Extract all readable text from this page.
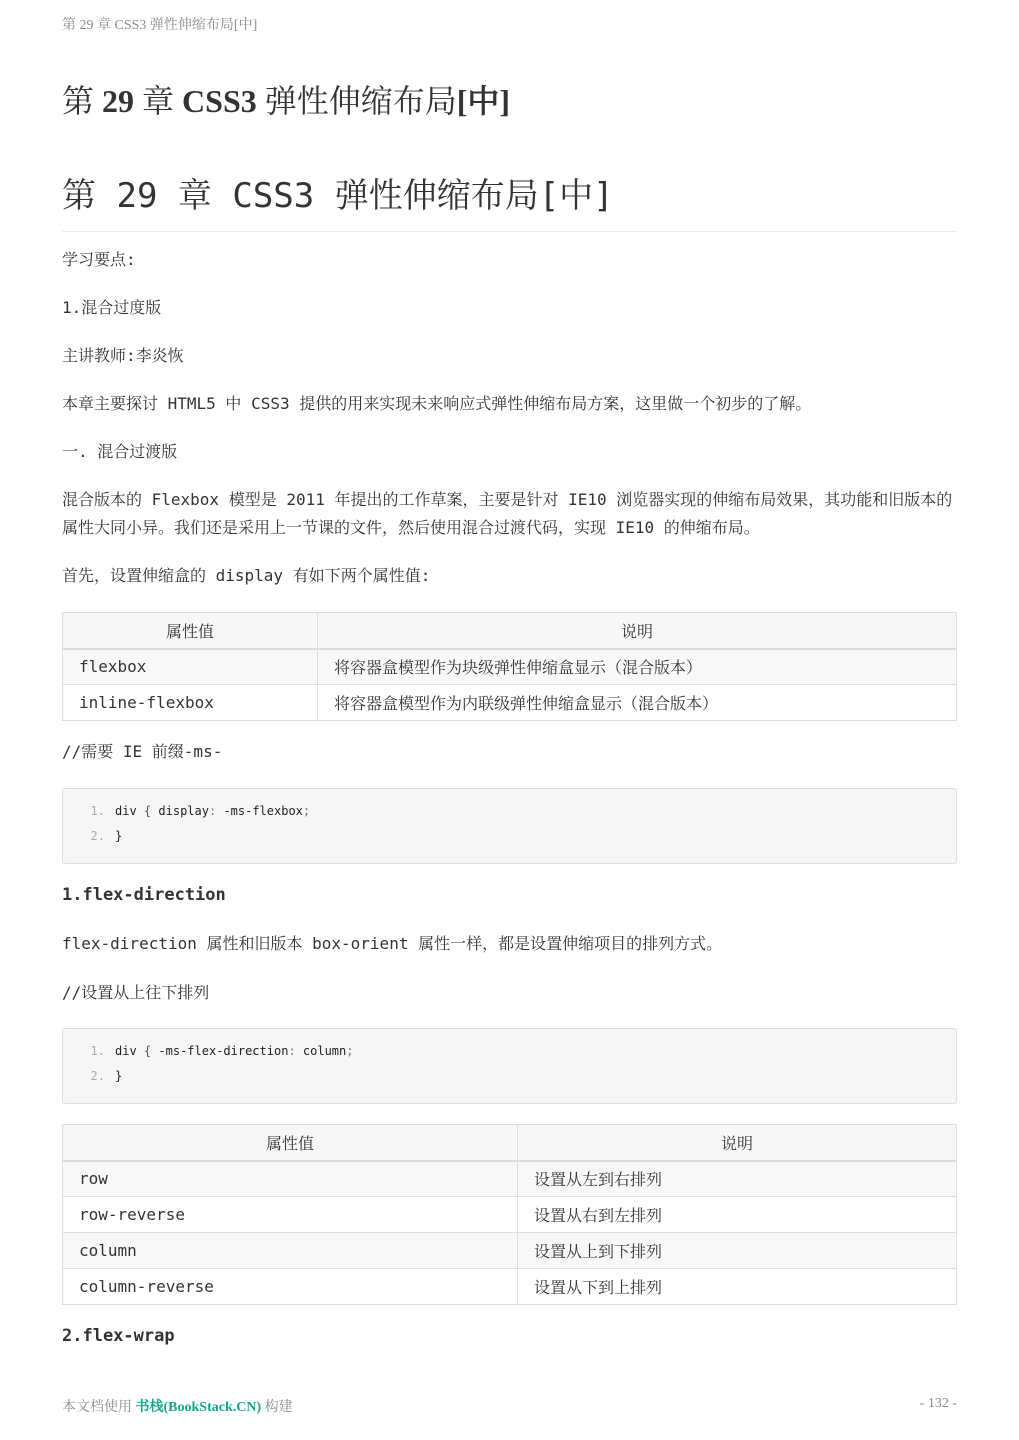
第 29 章 CSS3 弹性伸缩布局[中]
第 29 章 CSS3 弹性伸缩布局[中]
第 29 章 CSS3 弹性伸缩布局[中]
学习要点:
1.混合过度版
主讲教师:李炎恢
本章主要探讨 HTML5 中 CSS3 提供的用来实现未来响应式弹性伸缩布局方案，这里做一个初步的了解。
一. 混合过渡版
混合版本的 Flexbox 模型是 2011 年提出的工作草案，主要是针对 IE10 浏览器实现的伸缩布局效果，其功能和旧版本的属性大同小异。我们还是采用上一节课的文件，然后使用混合过渡代码，实现 IE10 的伸缩布局。
首先，设置伸缩盒的 display 有如下两个属性值:
属性值	说明
flexbox	将容器盒模型作为块级弹性伸缩盒显示（混合版本）
inline-flexbox	将容器盒模型作为内联级弹性伸缩盒显示（混合版本）
//需要 IE 前缀-ms-
1. div { display: -ms-flexbox;
2. }
1.flex-direction
flex-direction 属性和旧版本 box-orient 属性一样，都是设置伸缩项目的排列方式。
//设置从上往下排列
1. div { -ms-flex-direction: column;
2. }
属性值	说明
row	设置从左到右排列
row-reverse	设置从右到左排列
column	设置从上到下排列
column-reverse	设置从下到上排列
2.flex-wrap
本文档使用 书栈(BookStack.CN) 构建	- 132 -
